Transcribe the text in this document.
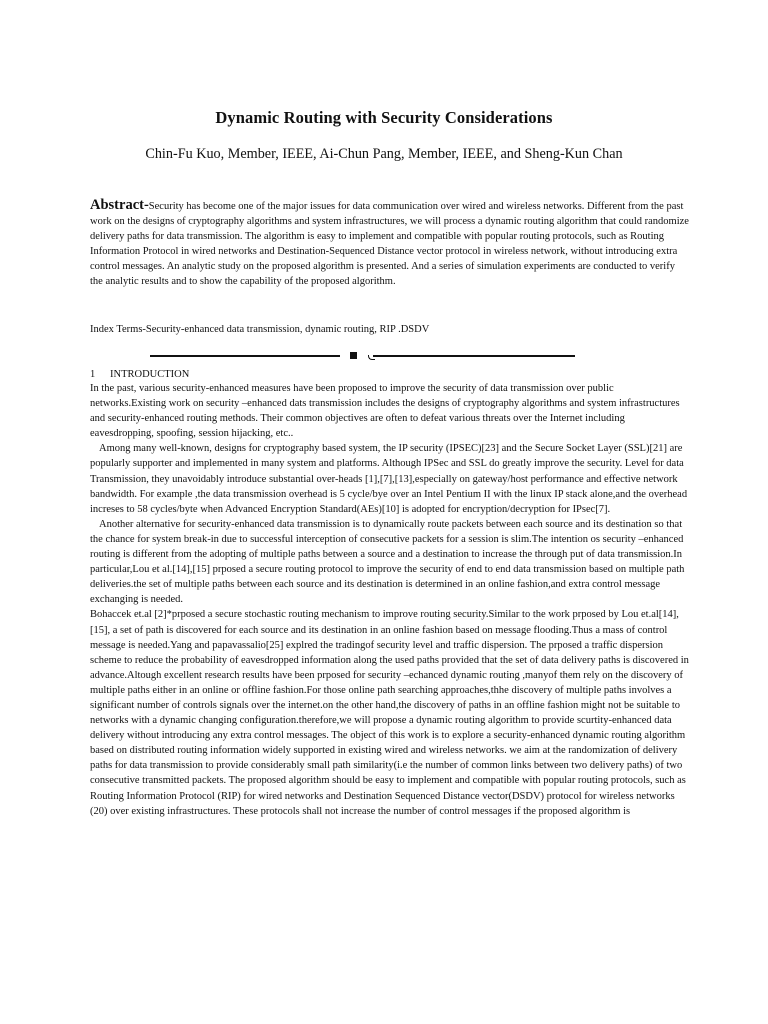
Dynamic Routing with Security Considerations
Chin-Fu Kuo, Member, IEEE, Ai-Chun Pang, Member, IEEE, and Sheng-Kun Chan

Abstract-Security has become one of the major issues for data communication over wired and wireless networks. Different from the past work on the designs of cryptography algorithms and system infrastructures, we will process a dynamic routing algorithm that could randomize delivery paths for data transmission. The algorithm is easy to implement and compatible with popular routing protocols, such as Routing Information Protocol in wired networks and Destination-Sequenced Distance vector protocol in wireless network, without introducing extra control messages. An analytic study on the proposed algorithm is presented. And a series of simulation experiments are conducted to verify the analytic results and to show the capability of the proposed algorithm.

Index Terms-Security-enhanced data transmission, dynamic routing, RIP .DSDV

1 INTRODUCTION

In the past, various security-enhanced measures have been proposed to improve the security of data transmission over public networks.Existing work on security –enhanced dats transmission includes the designs of cryptography algorithms and system infrastructures and security-enhanced routing methods. Their common objectives are often to defeat various threats over the Internet including eavesdropping, spoofing, session hijacking, etc..

Among many well-known, designs for cryptography based system, the IP security (IPSEC)[23] and the Secure Socket Layer (SSL)[21] are popularly supporter and implemented in many system and platforms. Although IPSec and SSL do greatly improve the security. Level for data Transmission, they unavoidably introduce substantial over-heads [1],[7],[13],especially on gateway/host performance and effective network bandwidth. For example ,the data transmission overhead is 5 cycle/bye over an Intel Pentium II with the linux IP stack alone,and the overhead increses to 58 cycles/byte when Advanced Encryption Standard(AEs)[10] is adopted for encryption/decryption for IPsec[7].

Another alternative for security-enhanced data transmission is to dynamically route packets between each source and its destination so that the chance for system break-in due to successful interception of consecutive packets for a session is slim.The intention os security –enhanced routing is different from the adopting of multiple paths between a source and a destination to increase the through put of data transmission.In particular,Lou et al.[14],[15] prposed a secure routing protocol to improve the security of end to end data transmission based on multiple path deliveries.the set of multiple paths between each source and its destination is determined in an online fashion,and extra control message exchanging is needed.

Bohaccek et.al [2]*prposed a secure stochastic routing mechanism to improve routing security.Similar to the work prposed by Lou et.al[14],[15], a set of path is discovered for each source and its destination in an online fashion based on message flooding.Thus a mass of control message is needed.Yang and papavassalio[25] explred the tradingof security level and traffic dispersion. The prposed a traffic dispersion scheme to reduce the probability of eavesdropped information along the used paths provided that the set of data delivery paths is discovered in advance.Altough excellent research results have been prposed for security –echanced dynamic routing ,manyof them rely on the discovery of multiple paths either in an online or offline fashion.For those online path searching approaches,thhe discovery of multiple paths involves a significant number of controls signals over the internet.on the other hand,the discovery of paths in an offline fashion might not be suitable to networks with a dynamic changing configuration.therefore,we will propose a dynamic routing algorithm to provide scurtity-enhanced data delivery without introducing any extra control messages. The object of this work is to explore a security-enhanced dynamic routing algorithm based on distributed routing information widely supported in existing wired and wireless networks. we aim at the randomization of delivery paths for data transmission to provide considerably small path similarity(i.e the number of common links between two delivery paths) of two consecutive transmitted packets. The proposed algorithm should be easy to implement and compatible with popular routing protocols, such as Routing Information Protocol (RIP) for wired networks and Destination Sequenced Distance vector(DSDV) protocol for wireless networks (20) over existing infrastructures. These protocols shall not increase the number of control messages if the proposed algorithm is
